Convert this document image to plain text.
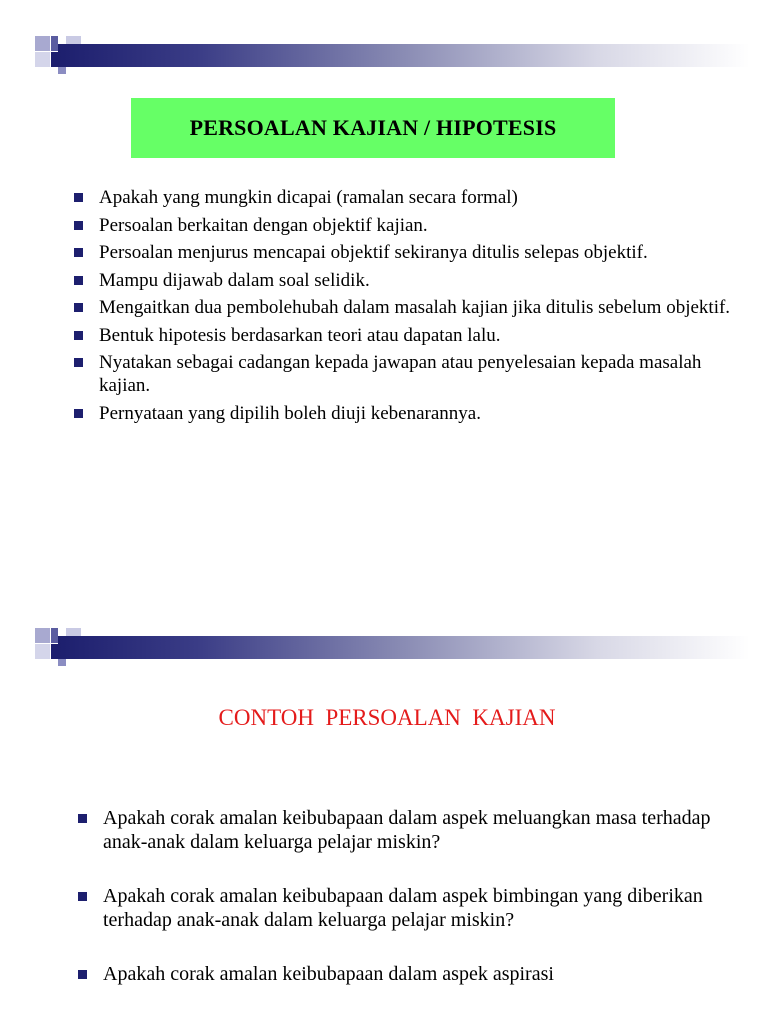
PERSOALAN KAJIAN / HIPOTESIS
Apakah yang mungkin dicapai (ramalan secara formal)
Persoalan berkaitan dengan objektif kajian.
Persoalan menjurus mencapai objektif sekiranya ditulis selepas objektif.
Mampu dijawab dalam soal selidik.
Mengaitkan dua pembolehubah dalam masalah kajian jika ditulis sebelum objektif.
Bentuk hipotesis berdasarkan teori atau dapatan lalu.
Nyatakan sebagai cadangan kepada jawapan atau penyelesaian kepada masalah kajian.
Pernyataan yang dipilih boleh diuji kebenarannya.
CONTOH  PERSOALAN  KAJIAN
Apakah corak amalan keibubapaan dalam aspek meluangkan masa terhadap anak-anak dalam keluarga pelajar miskin?
Apakah corak amalan keibubapaan dalam aspek bimbingan yang diberikan terhadap anak-anak dalam keluarga pelajar miskin?
Apakah corak amalan keibubapaan dalam aspek aspirasi
